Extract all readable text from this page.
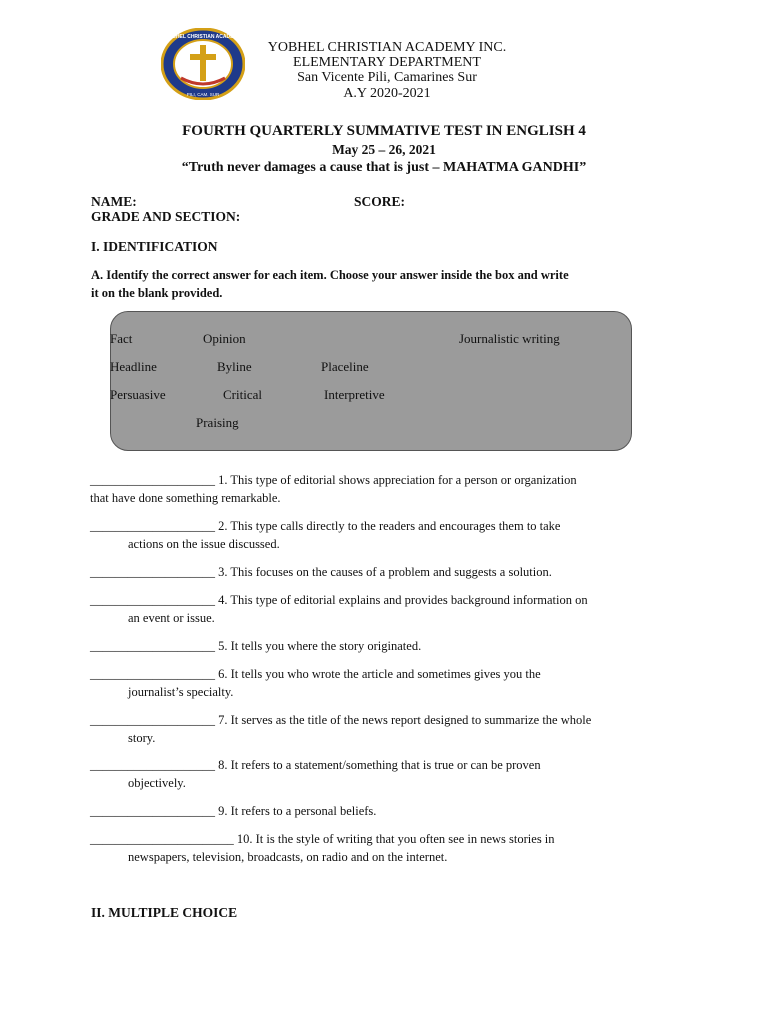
YOBHEL CHRISTIAN ACADEMY
PILI, CAM. SUR
YOBHEL CHRISTIAN ACADEMY INC.
ELEMENTARY DEPARTMENT
San Vicente Pili, Camarines Sur
A.Y 2020-2021
FOURTH QUARTERLY SUMMATIVE TEST IN ENGLISH 4
May 25 – 26, 2021
“Truth never damages a cause that is just – MAHATMA GANDHI”
NAME:	SCORE:
GRADE AND SECTION:
I. IDENTIFICATION
A. Identify the correct answer for each item. Choose your answer inside the box and write
it on the blank provided.
Fact	Opinion	Journalistic writing
Headline	Byline	Placeline
Persuasive	Critical	Interpretive
Praising
____________________ 1. This type of editorial shows appreciation for a person or organization
that have done something remarkable.
____________________ 2. This type calls directly to the readers and encourages them to take
actions on the issue discussed.
____________________ 3. This focuses on the causes of a problem and suggests a solution.
____________________ 4. This type of editorial explains and provides background information on
an event or issue.
____________________ 5. It tells you where the story originated.
____________________ 6. It tells you who wrote the article and sometimes gives you the
journalist’s specialty.
____________________ 7. It serves as the title of the news report designed to summarize the whole
story.
____________________ 8. It refers to a statement/something that is true or can be proven
objectively.
____________________ 9. It refers to a personal beliefs.
_______________________ 10. It is the style of writing that you often see in news stories in
newspapers, television, broadcasts, on radio and on the internet.
II. MULTIPLE CHOICE
